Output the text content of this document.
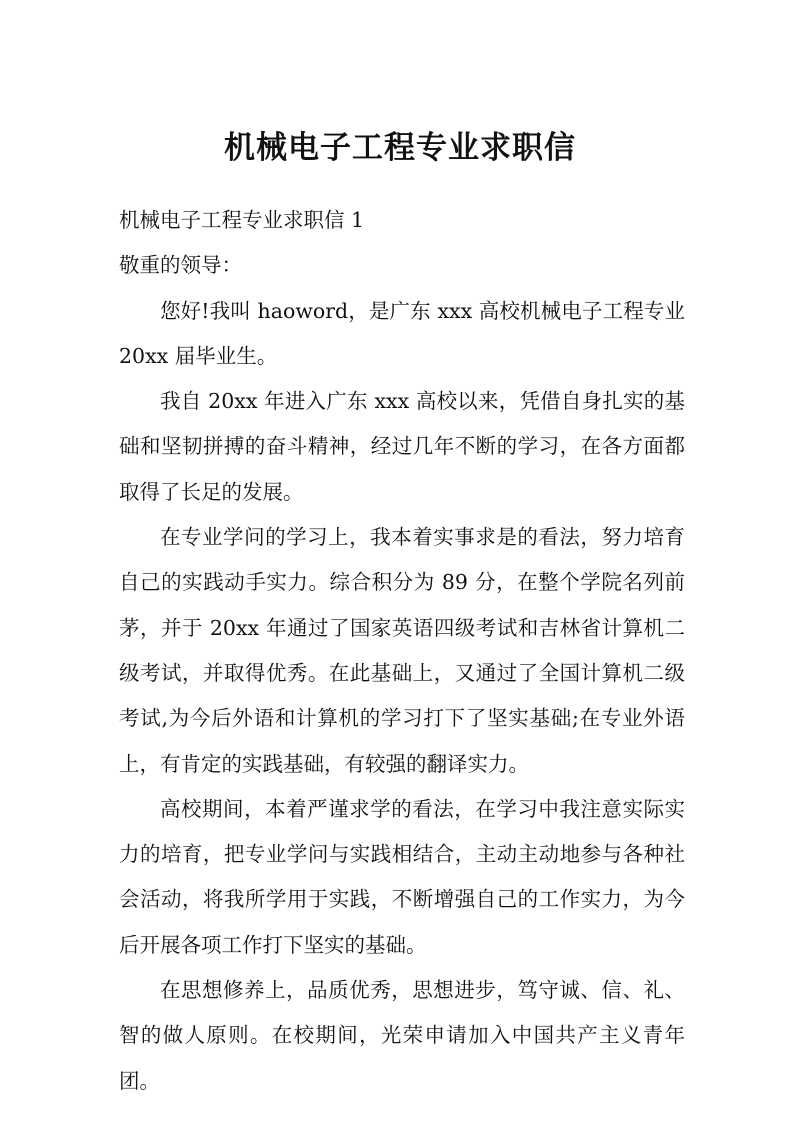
机械电子工程专业求职信

机械电子工程专业求职信 1

敬重的领导：

您好!我叫 haoword，是广东 xxx 高校机械电子工程专业 20xx 届毕业生。

我自 20xx 年进入广东 xxx 高校以来，凭借自身扎实的基础和坚韧拼搏的奋斗精神，经过几年不断的学习，在各方面都取得了长足的发展。

在专业学问的学习上，我本着实事求是的看法，努力培育自己的实践动手实力。综合积分为 89 分，在整个学院名列前茅，并于 20xx 年通过了国家英语四级考试和吉林省计算机二级考试，并取得优秀。在此基础上，又通过了全国计算机二级考试,为今后外语和计算机的学习打下了坚实基础;在专业外语上，有肯定的实践基础，有较强的翻译实力。

高校期间，本着严谨求学的看法，在学习中我注意实际实力的培育，把专业学问与实践相结合，主动主动地参与各种社会活动，将我所学用于实践，不断增强自己的工作实力，为今后开展各项工作打下坚实的基础。

在思想修养上，品质优秀，思想进步，笃守诚、信、礼、智的做人原则。在校期间，光荣申请加入中国共产主义青年团。
